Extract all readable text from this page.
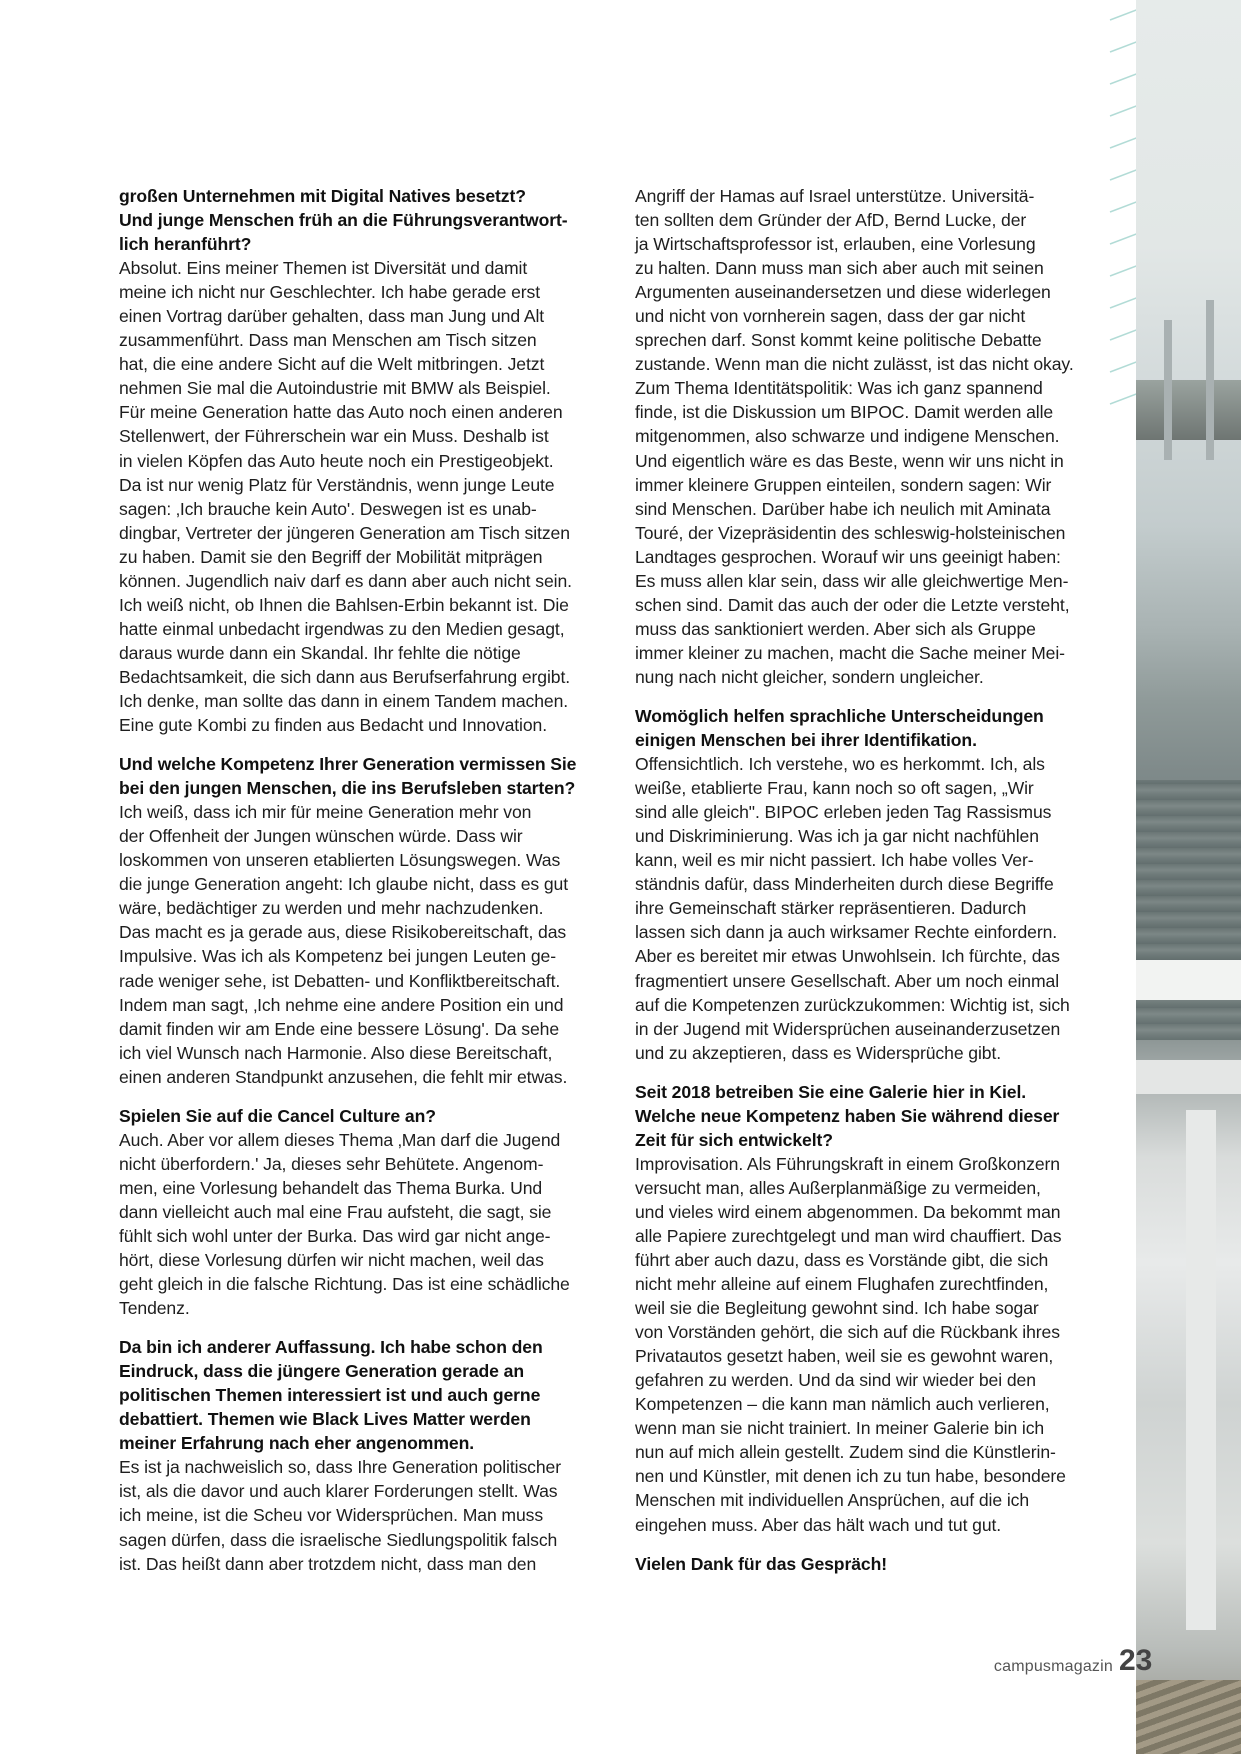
großen Unternehmen mit Digital Natives besetzt?
Und junge Menschen früh an die Führungsverantwort-
lich heranführt?
Absolut. Eins meiner Themen ist Diversität und damit
meine ich nicht nur Geschlechter. Ich habe gerade erst
einen Vortrag darüber gehalten, dass man Jung und Alt
zusammenführt. Dass man Menschen am Tisch sitzen
hat, die eine andere Sicht auf die Welt mitbringen. Jetzt
nehmen Sie mal die Autoindustrie mit BMW als Beispiel.
Für meine Generation hatte das Auto noch einen anderen
Stellenwert, der Führerschein war ein Muss. Deshalb ist
in vielen Köpfen das Auto heute noch ein Prestigeobjekt.
Da ist nur wenig Platz für Verständnis, wenn junge Leute
sagen: ‚Ich brauche kein Auto'. Deswegen ist es unab-
dingbar, Vertreter der jüngeren Generation am Tisch sitzen
zu haben. Damit sie den Begriff der Mobilität mitprägen
können. Jugendlich naiv darf es dann aber auch nicht sein.
Ich weiß nicht, ob Ihnen die Bahlsen-Erbin bekannt ist. Die
hatte einmal unbedacht irgendwas zu den Medien gesagt,
daraus wurde dann ein Skandal. Ihr fehlte die nötige
Bedachtsamkeit, die sich dann aus Berufserfahrung ergibt.
Ich denke, man sollte das dann in einem Tandem machen.
Eine gute Kombi zu finden aus Bedacht und Innovation.
Und welche Kompetenz Ihrer Generation vermissen Sie
bei den jungen Menschen, die ins Berufsleben starten?
Ich weiß, dass ich mir für meine Generation mehr von
der Offenheit der Jungen wünschen würde. Dass wir
loskommen von unseren etablierten Lösungswegen. Was
die junge Generation angeht: Ich glaube nicht, dass es gut
wäre, bedächtiger zu werden und mehr nachzudenken.
Das macht es ja gerade aus, diese Risikobereitschaft, das
Impulsive. Was ich als Kompetenz bei jungen Leuten ge-
rade weniger sehe, ist Debatten- und Konfliktbereitschaft.
Indem man sagt, ‚Ich nehme eine andere Position ein und
damit finden wir am Ende eine bessere Lösung'. Da sehe
ich viel Wunsch nach Harmonie. Also diese Bereitschaft,
einen anderen Standpunkt anzusehen, die fehlt mir etwas.
Spielen Sie auf die Cancel Culture an?
Auch. Aber vor allem dieses Thema ‚Man darf die Jugend
nicht überfordern.' Ja, dieses sehr Behütete. Angenom-
men, eine Vorlesung behandelt das Thema Burka. Und
dann vielleicht auch mal eine Frau aufsteht, die sagt, sie
fühlt sich wohl unter der Burka. Das wird gar nicht ange-
hört, diese Vorlesung dürfen wir nicht machen, weil das
geht gleich in die falsche Richtung. Das ist eine schädliche
Tendenz.
Da bin ich anderer Auffassung. Ich habe schon den
Eindruck, dass die jüngere Generation gerade an
politischen Themen interessiert ist und auch gerne
debattiert. Themen wie Black Lives Matter werden
meiner Erfahrung nach eher angenommen.
Es ist ja nachweislich so, dass Ihre Generation politischer
ist, als die davor und auch klarer Forderungen stellt. Was
ich meine, ist die Scheu vor Widersprüchen. Man muss
sagen dürfen, dass die israelische Siedlungspolitik falsch
ist. Das heißt dann aber trotzdem nicht, dass man den
Angriff der Hamas auf Israel unterstütze. Universitä-
ten sollten dem Gründer der AfD, Bernd Lucke, der
ja Wirtschaftsprofessor ist, erlauben, eine Vorlesung
zu halten. Dann muss man sich aber auch mit seinen
Argumenten auseinandersetzen und diese widerlegen
und nicht von vornherein sagen, dass der gar nicht
sprechen darf. Sonst kommt keine politische Debatte
zustande. Wenn man die nicht zulässt, ist das nicht okay.
Zum Thema Identitätspolitik: Was ich ganz spannend
finde, ist die Diskussion um BIPOC. Damit werden alle
mitgenommen, also schwarze und indigene Menschen.
Und eigentlich wäre es das Beste, wenn wir uns nicht in
immer kleinere Gruppen einteilen, sondern sagen: Wir
sind Menschen. Darüber habe ich neulich mit Aminata
Touré, der Vizepräsidentin des schleswig-holsteinischen
Landtages gesprochen. Worauf wir uns geeinigt haben:
Es muss allen klar sein, dass wir alle gleichwertige Men-
schen sind. Damit das auch der oder die Letzte versteht,
muss das sanktioniert werden. Aber sich als Gruppe
immer kleiner zu machen, macht die Sache meiner Mei-
nung nach nicht gleicher, sondern ungleicher.
Womöglich helfen sprachliche Unterscheidungen
einigen Menschen bei ihrer Identifikation.
Offensichtlich. Ich verstehe, wo es herkommt. Ich, als
weiße, etablierte Frau, kann noch so oft sagen, „Wir
sind alle gleich". BIPOC erleben jeden Tag Rassismus
und Diskriminierung. Was ich ja gar nicht nachfühlen
kann, weil es mir nicht passiert. Ich habe volles Ver-
ständnis dafür, dass Minderheiten durch diese Begriffe
ihre Gemeinschaft stärker repräsentieren. Dadurch
lassen sich dann ja auch wirksamer Rechte einfordern.
Aber es bereitet mir etwas Unwohlsein. Ich fürchte, das
fragmentiert unsere Gesellschaft. Aber um noch einmal
auf die Kompetenzen zurückzukommen: Wichtig ist, sich
in der Jugend mit Widersprüchen auseinanderzusetzen
und zu akzeptieren, dass es Widersprüche gibt.
Seit 2018 betreiben Sie eine Galerie hier in Kiel.
Welche neue Kompetenz haben Sie während dieser
Zeit für sich entwickelt?
Improvisation. Als Führungskraft in einem Großkonzern
versucht man, alles Außerplanmäßige zu vermeiden,
und vieles wird einem abgenommen. Da bekommt man
alle Papiere zurechtgelegt und man wird chauffiert. Das
führt aber auch dazu, dass es Vorstände gibt, die sich
nicht mehr alleine auf einem Flughafen zurechtfinden,
weil sie die Begleitung gewohnt sind. Ich habe sogar
von Vorständen gehört, die sich auf die Rückbank ihres
Privatautos gesetzt haben, weil sie es gewohnt waren,
gefahren zu werden. Und da sind wir wieder bei den
Kompetenzen – die kann man nämlich auch verlieren,
wenn man sie nicht trainiert. In meiner Galerie bin ich
nun auf mich allein gestellt. Zudem sind die Künstlerin-
nen und Künstler, mit denen ich zu tun habe, besondere
Menschen mit individuellen Ansprüchen, auf die ich
eingehen muss. Aber das hält wach und tut gut.
Vielen Dank für das Gespräch!
campusmagazin 23
